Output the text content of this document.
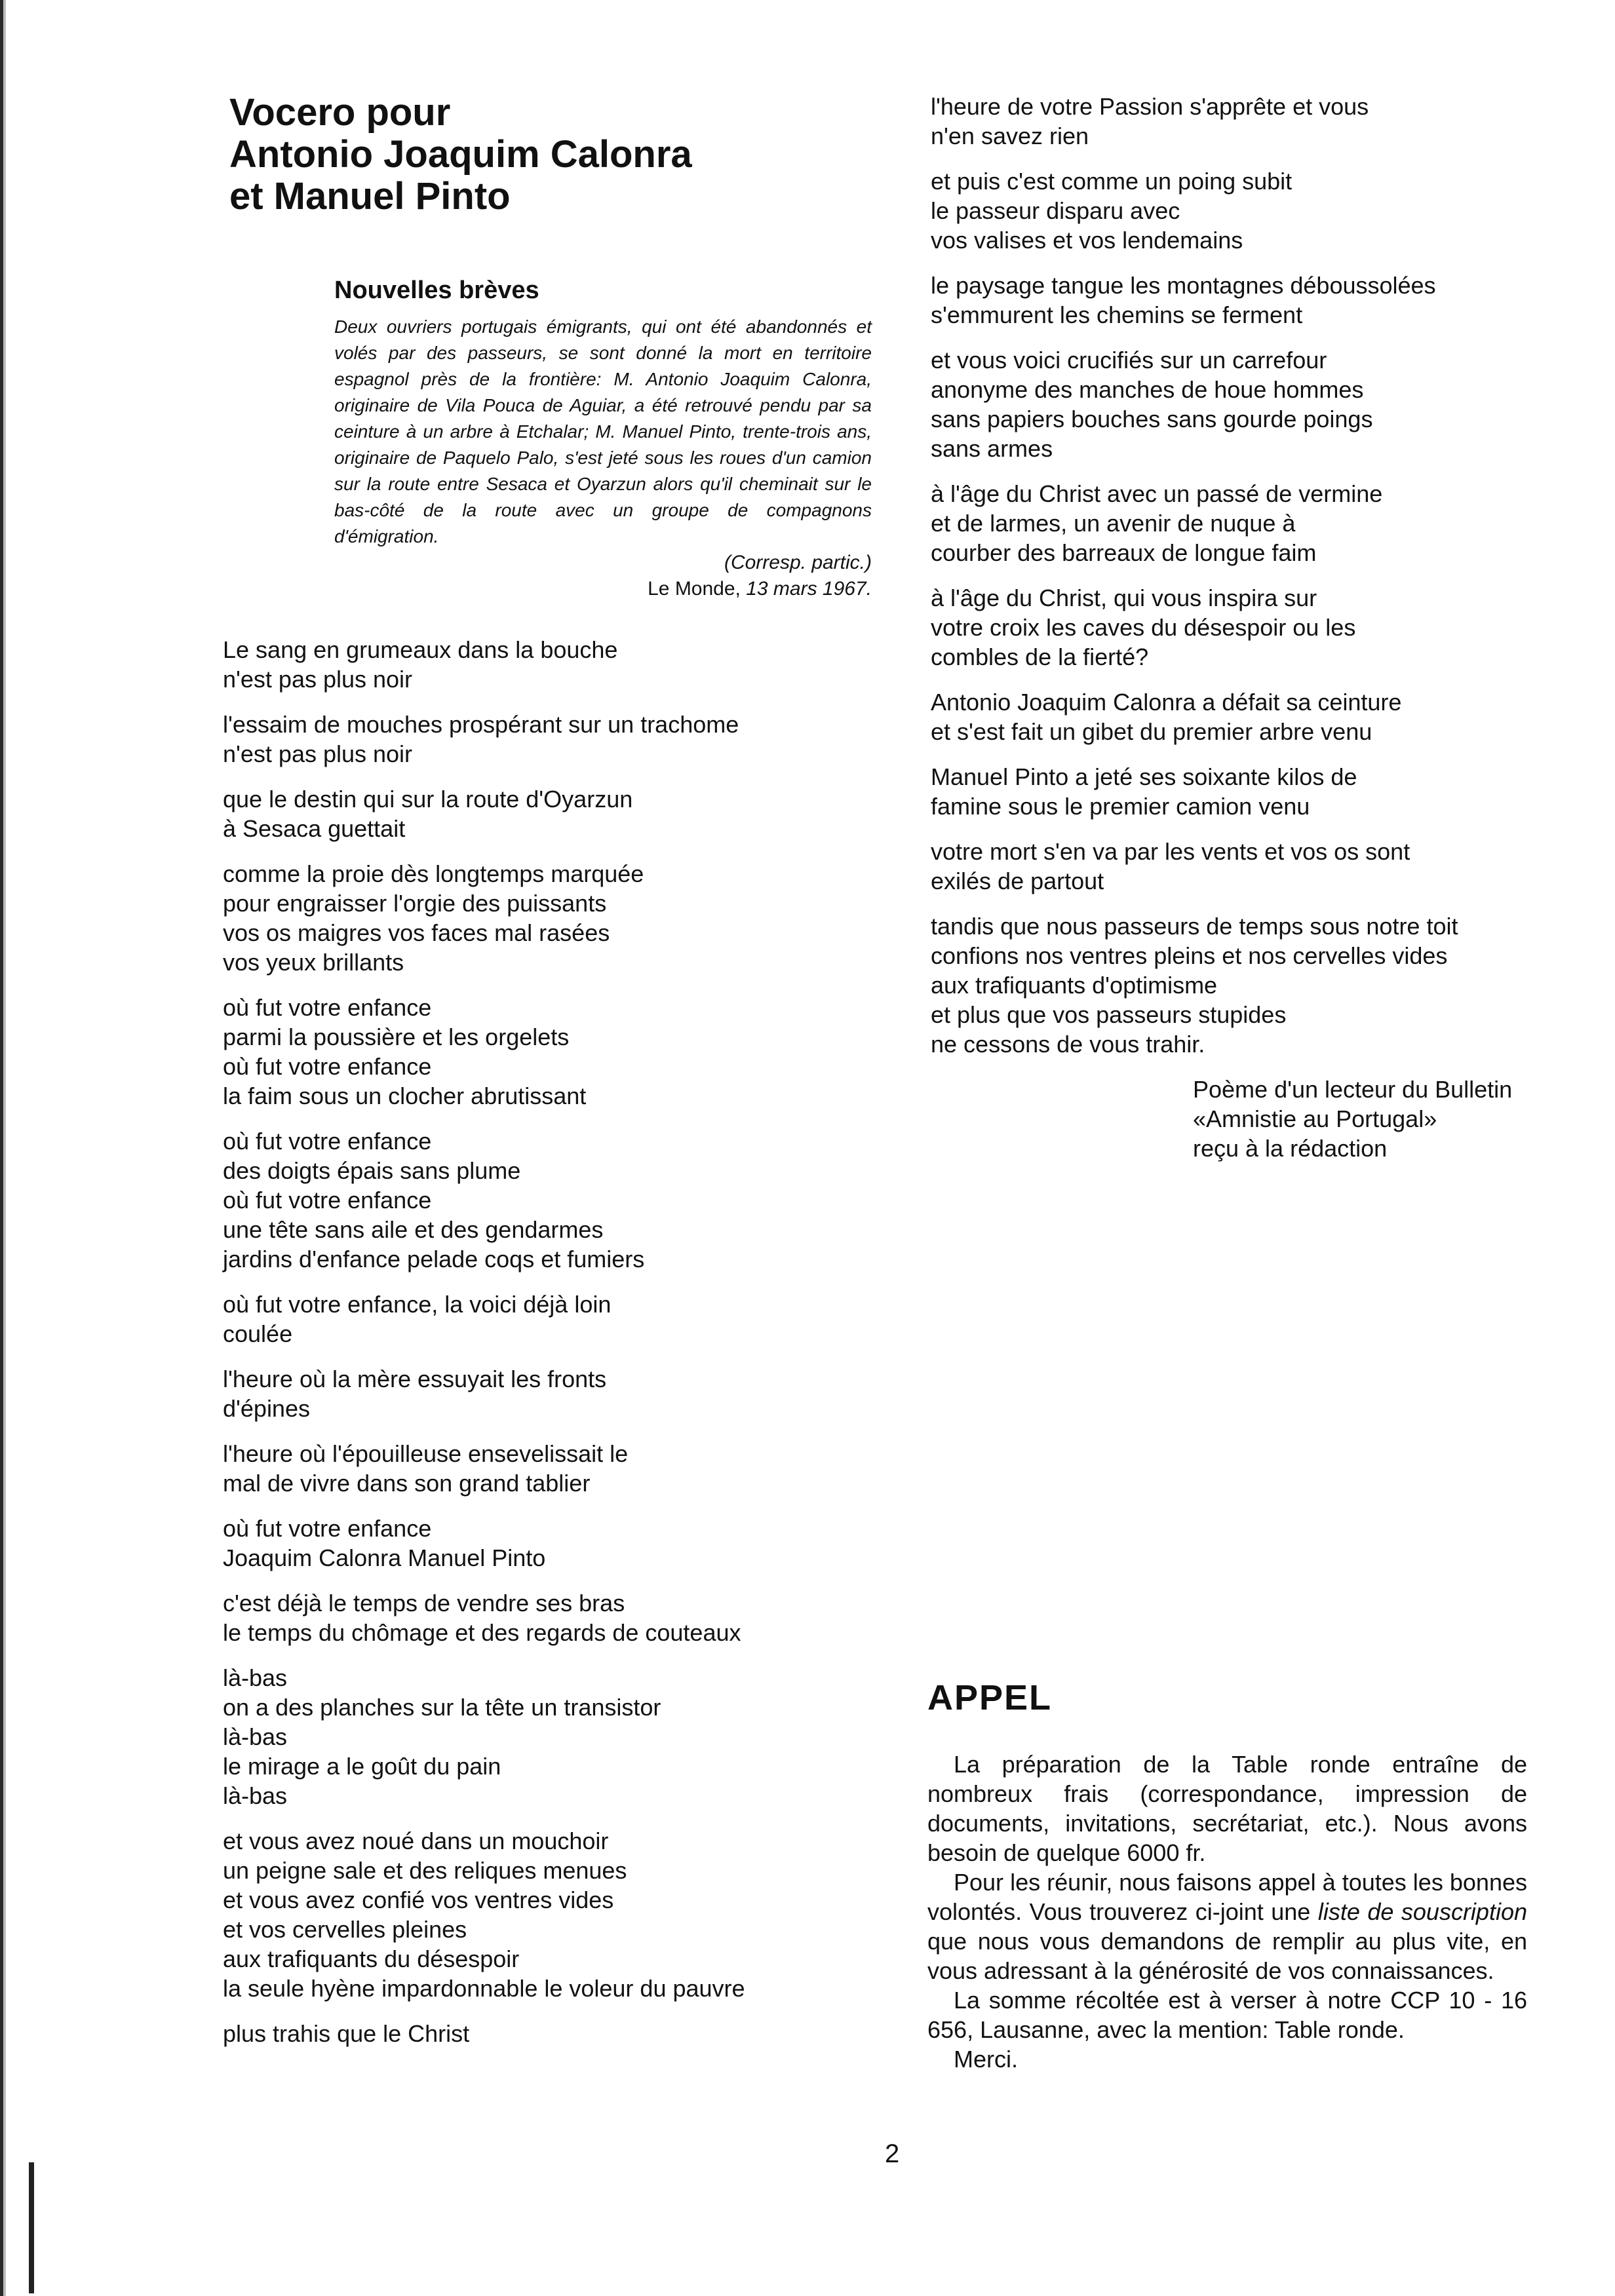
Vocero pour
Antonio Joaquim Calonra
et Manuel Pinto
Nouvelles brèves
Deux ouvriers portugais émigrants, qui ont été abandonnés et volés par des passeurs, se sont donné la mort en territoire espagnol près de la frontière: M. Antonio Joaquim Calonra, originaire de Vila Pouca de Aguiar, a été retrouvé pendu par sa ceinture à un arbre à Etchalar; M. Manuel Pinto, trente-trois ans, originaire de Paquelo Palo, s'est jeté sous les roues d'un camion sur la route entre Sesaca et Oyarzun alors qu'il cheminait sur le bas-côté de la route avec un groupe de compagnons d'émigration.
(Corresp. partic.)
Le Monde, 13 mars 1967.
Le sang en grumeaux dans la bouche
n'est pas plus noir
l'essaim de mouches prospérant sur un trachome
n'est pas plus noir
que le destin qui sur la route d'Oyarzun
à Sesaca guettait
comme la proie dès longtemps marquée
pour engraisser l'orgie des puissants
vos os maigres vos faces mal rasées
vos yeux brillants
où fut votre enfance
parmi la poussière et les orgelets
où fut votre enfance
la faim sous un clocher abrutissant
où fut votre enfance
des doigts épais sans plume
où fut votre enfance
une tête sans aile et des gendarmes
jardins d'enfance pelade coqs et fumiers
où fut votre enfance, la voici déjà loin
coulée
l'heure où la mère essuyait les fronts
d'épines
l'heure où l'épouilleuse ensevelissait le
mal de vivre dans son grand tablier
où fut votre enfance
Joaquim Calonra Manuel Pinto
c'est déjà le temps de vendre ses bras
le temps du chômage et des regards de couteaux
là-bas
on a des planches sur la tête un transistor
là-bas
le mirage a le goût du pain
là-bas
et vous avez noué dans un mouchoir
un peigne sale et des reliques menues
et vous avez confié vos ventres vides
et vos cervelles pleines
aux trafiquants du désespoir
la seule hyène impardonnable le voleur du pauvre
plus trahis que le Christ
l'heure de votre Passion s'apprête et vous
n'en savez rien
et puis c'est comme un poing subit
le passeur disparu avec
vos valises et vos lendemains
le paysage tangue les montagnes déboussolées
s'emmurent les chemins se ferment
et vous voici crucifiés sur un carrefour
anonyme des manches de houe hommes
sans papiers bouches sans gourde poings
sans armes
à l'âge du Christ avec un passé de vermine
et de larmes, un avenir de nuque à
courber des barreaux de longue faim
à l'âge du Christ, qui vous inspira sur
votre croix les caves du désespoir ou les
combles de la fierté?
Antonio Joaquim Calonra a défait sa ceinture
et s'est fait un gibet du premier arbre venu
Manuel Pinto a jeté ses soixante kilos de
famine sous le premier camion venu
votre mort s'en va par les vents et vos os sont
exilés de partout
tandis que nous passeurs de temps sous notre toit
confions nos ventres pleins et nos cervelles vides
aux trafiquants d'optimisme
et plus que vos passeurs stupides
ne cessons de vous trahir.
Poème d'un lecteur du Bulletin
«Amnistie au Portugal»
reçu à la rédaction
APPEL

La préparation de la Table ronde entraîne de nombreux frais (correspondance, impression de documents, invitations, secrétariat, etc.). Nous avons besoin de quelque 6000 fr.

Pour les réunir, nous faisons appel à toutes les bonnes volontés. Vous trouverez ci-joint une liste de souscription que nous vous demandons de remplir au plus vite, en vous adressant à la générosité de vos connaissances.

La somme récoltée est à verser à notre CCP 10 - 16 656, Lausanne, avec la mention: Table ronde.

Merci.

2
